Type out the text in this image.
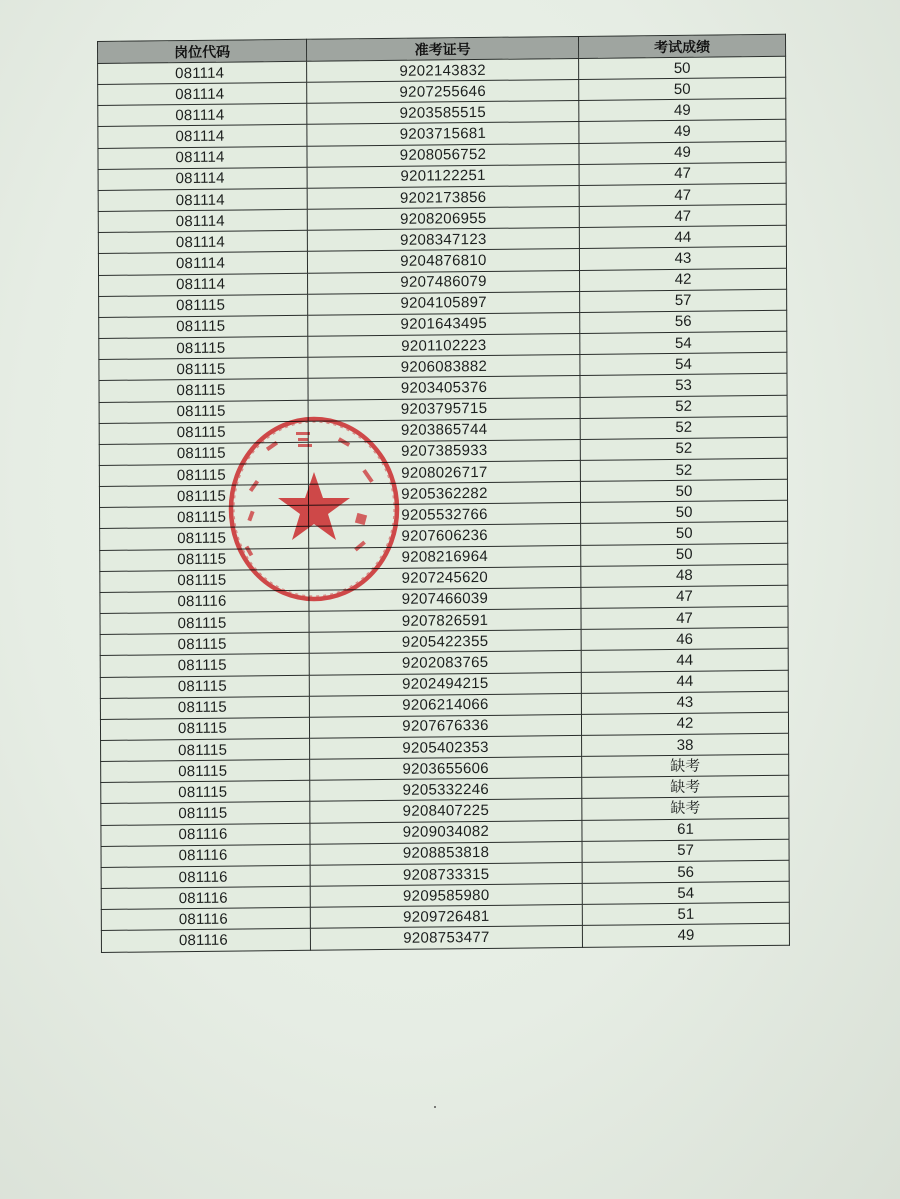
岗位代码	准考证号	考试成绩
081114	9202143832	50
081114	9207255646	50
081114	9203585515	49
081114	9203715681	49
081114	9208056752	49
081114	9201122251	47
081114	9202173856	47
081114	9208206955	47
081114	9208347123	44
081114	9204876810	43
081114	9207486079	42
081115	9204105897	57
081115	9201643495	56
081115	9201102223	54
081115	9206083882	54
081115	9203405376	53
081115	9203795715	52
081115	9203865744	52
081115	9207385933	52
081115	9208026717	52
081115	9205362282	50
081115	9205532766	50
081115	9207606236	50
081115	9208216964	50
081115	9207245620	48
081116	9207466039	47
081115	9207826591	47
081115	9205422355	46
081115	9202083765	44
081115	9202494215	44
081115	9206214066	43
081115	9207676336	42
081115	9205402353	38
081115	9203655606	缺考
081115	9205332246	缺考
081115	9208407225	缺考
081116	9209034082	61
081116	9208853818	57
081116	9208733315	56
081116	9209585980	54
081116	9209726481	51
081116	9208753477	49
